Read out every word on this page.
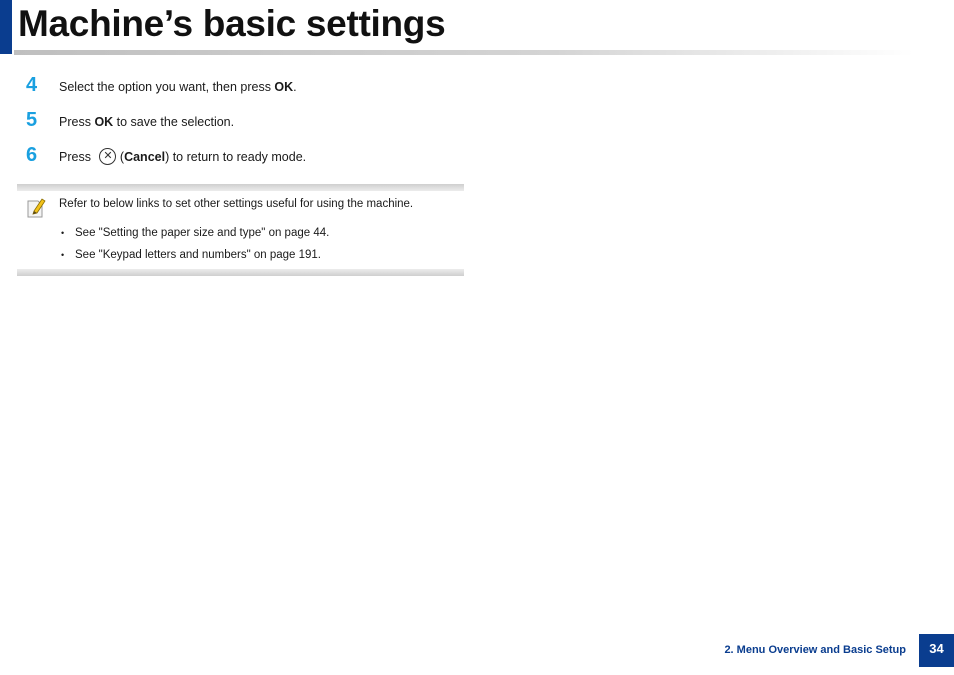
Machine’s basic settings
4	Select the option you want, then press OK.
5	Press OK to save the selection.
6	Press ✕ (Cancel) to return to ready mode.
Refer to below links to set other settings useful for using the machine.
• See "Setting the paper size and type" on page 44.
• See "Keypad letters and numbers" on page 191.
2. Menu Overview and Basic Setup	34
